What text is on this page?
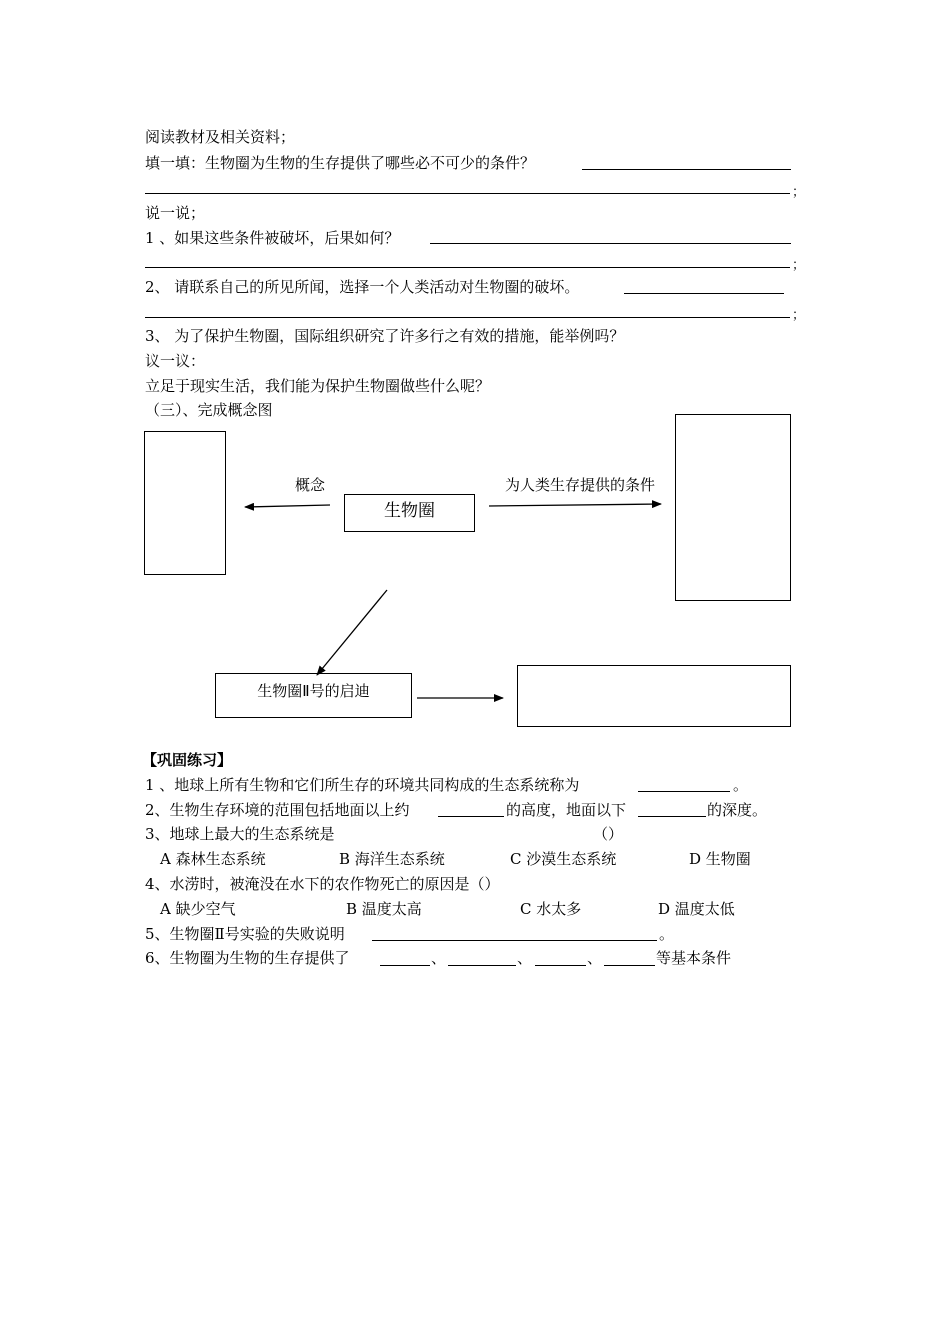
阅读教材及相关资料；
填一填：生物圈为生物的生存提供了哪些必不可少的条件？
；
说一说；
1 、如果这些条件被破坏，后果如何？
；
2、 请联系自己的所见所闻，选择一个人类活动对生物圈的破坏。
；
3、 为了保护生物圈，国际组织研究了许多行之有效的措施，能举例吗？
议一议：
立足于现实生活，我们能为保护生物圈做些什么呢？
（三）、完成概念图
生物圈
生物圈Ⅱ号的启迪
概念	为人类生存提供的条件
【巩固练习】
1 、地球上所有生物和它们所生存的环境共同构成的生态系统称为	。
2、生物生存环境的范围包括地面以上约	的高度，地面以下	的深度。
3、地球上最大的生态系统是	（）
A 森林生态系统	B 海洋生态系统	C 沙漠生态系统	D 生物圈
4、水涝时，被淹没在水下的农作物死亡的原因是（）
A 缺少空气	B 温度太高	C 水太多	D 温度太低
5、生物圈Ⅱ号实验的失败说明	。
6、生物圈为生物的生存提供了	、	、	、	等基本条件
